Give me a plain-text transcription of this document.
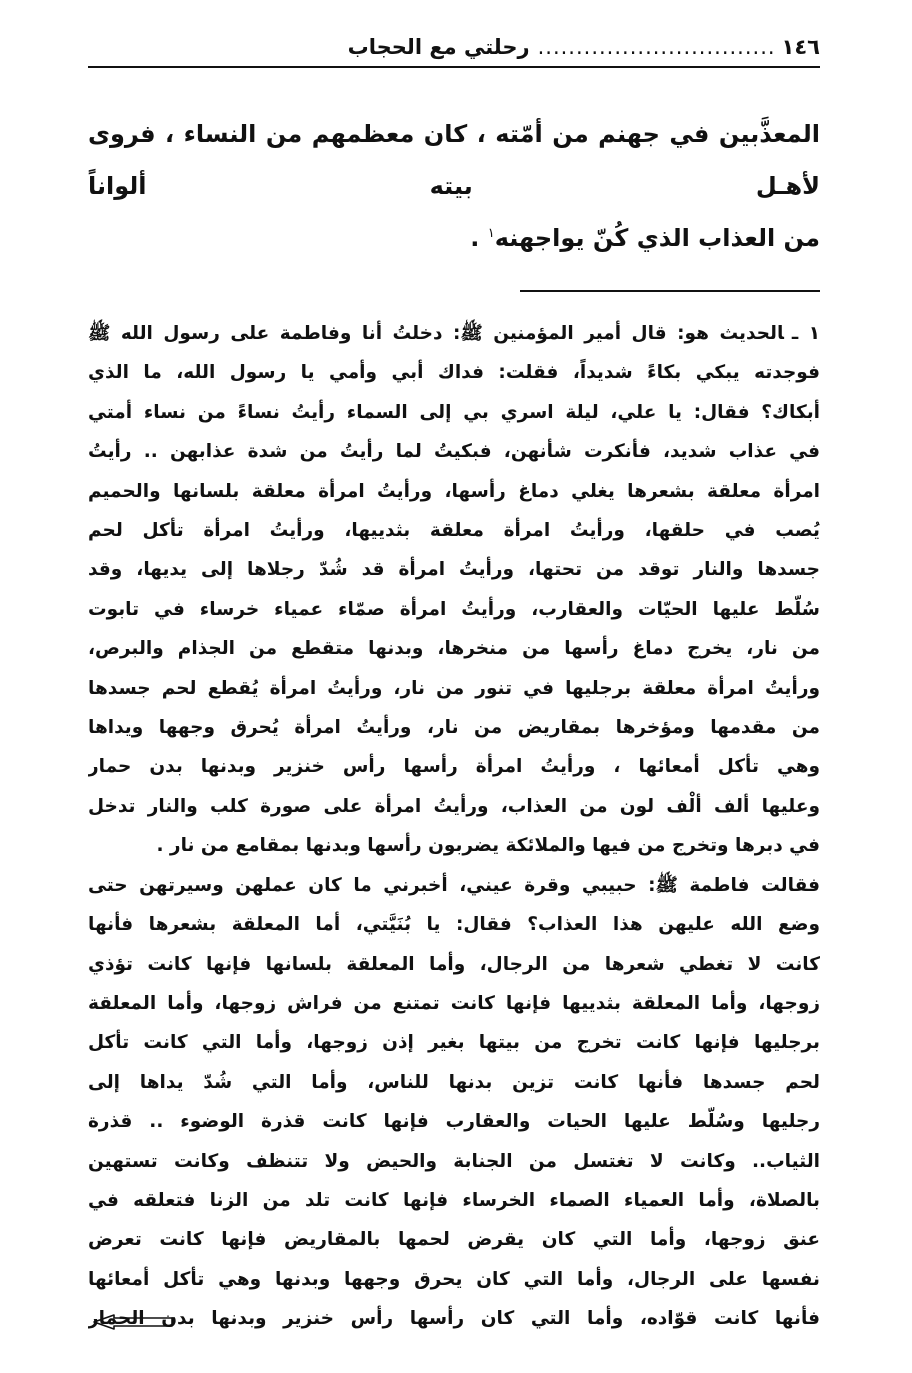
١٤٦
...............................
رحلتي مع الحجاب

المعذَّبين في جهنم من أمّته ، كان معظمهم من النساء ، فروى لأهـل بيته ألواناً

من العذاب الذي كُنّ يواجهنه$^١$ .

١ ـالحديث هو: قال أمير المؤمنين ﷺ: دخلتُ أنا وفاطمة على رسول الله ﷺ
فوجدته يبكي بكاءً شديداً، فقلت: فداك أبي وأمي يا رسول الله، ما الذي
أبكاك؟ فقال: يا علي، ليلة اسري بي إلى السماء رأيتُ نساءً من نساء أمتي
في عذاب شديد، فأنكرت شأنهن، فبكيتُ لما رأيتُ من شدة عذابهن .. رأيتُ
امرأة معلقة بشعرها يغلي دماغ رأسها، ورأيتُ امرأة معلقة بلسانها والحميم
يُصب في حلقها، ورأيتُ امرأة معلقة بثدييها، ورأيتُ امرأة تأكل لحم
جسدها والنار توقد من تحتها، ورأيتُ امرأة قد شُدّ رجلاها إلى يديها، وقد
سُلّط عليها الحيّات والعقارب، ورأيتُ امرأة صمّاء عمياء خرساء في تابوت
من نار، يخرج دماغ رأسها من منخرها، وبدنها متقطع من الجذام والبرص،
ورأيتُ امرأة معلقة برجليها في تنور من نار، ورأيتُ امرأة يُقطع لحم جسدها
من مقدمها ومؤخرها بمقاريض من نار، ورأيتُ امرأة يُحرق وجهها ويداها
وهي تأكل أمعائها ، ورأيتُ امرأة رأسها رأس خنزير وبدنها بدن حمار
وعليها ألف ألْف لون من العذاب، ورأيتُ امرأة على صورة كلب والنار تدخل
في دبرها وتخرج من فيها والملائكة يضربون رأسها وبدنها بمقامع من نار .
فقالت فاطمة ﷺ: حبيبي وقرة عيني، أخبرني ما كان عملهن وسيرتهن حتى
وضع الله عليهن هذا العذاب؟ فقال: يا بُنَيَّتي، أما المعلقة بشعرها فأنها
كانت لا تغطي شعرها من الرجال، وأما المعلقة بلسانها فإنها كانت تؤذي
زوجها، وأما المعلقة بثدييها فإنها كانت تمتنع من فراش زوجها، وأما المعلقة
برجليها فإنها كانت تخرج من بيتها بغير إذن زوجها، وأما التي كانت تأكل
لحم جسدها فأنها كانت تزين بدنها للناس، وأما التي شُدّ يداها إلى
رجليها وسُلّط عليها الحيات والعقارب فإنها كانت قذرة الوضوء .. قذرة
الثياب.. وكانت لا تغتسل من الجنابة والحيض ولا تتنظف وكانت تستهين
بالصلاة، وأما العمياء الصماء الخرساء فإنها كانت تلد من الزنا فتعلقه في
عنق زوجها، وأما التي كان يقرض لحمها بالمقاريض فإنها كانت تعرض
نفسها على الرجال، وأما التي كان يحرق وجهها وبدنها وهي تأكل أمعائها
فأنها كانت قوّاده، وأما التي كان رأسها رأس خنزير وبدنها بدن الحمار
